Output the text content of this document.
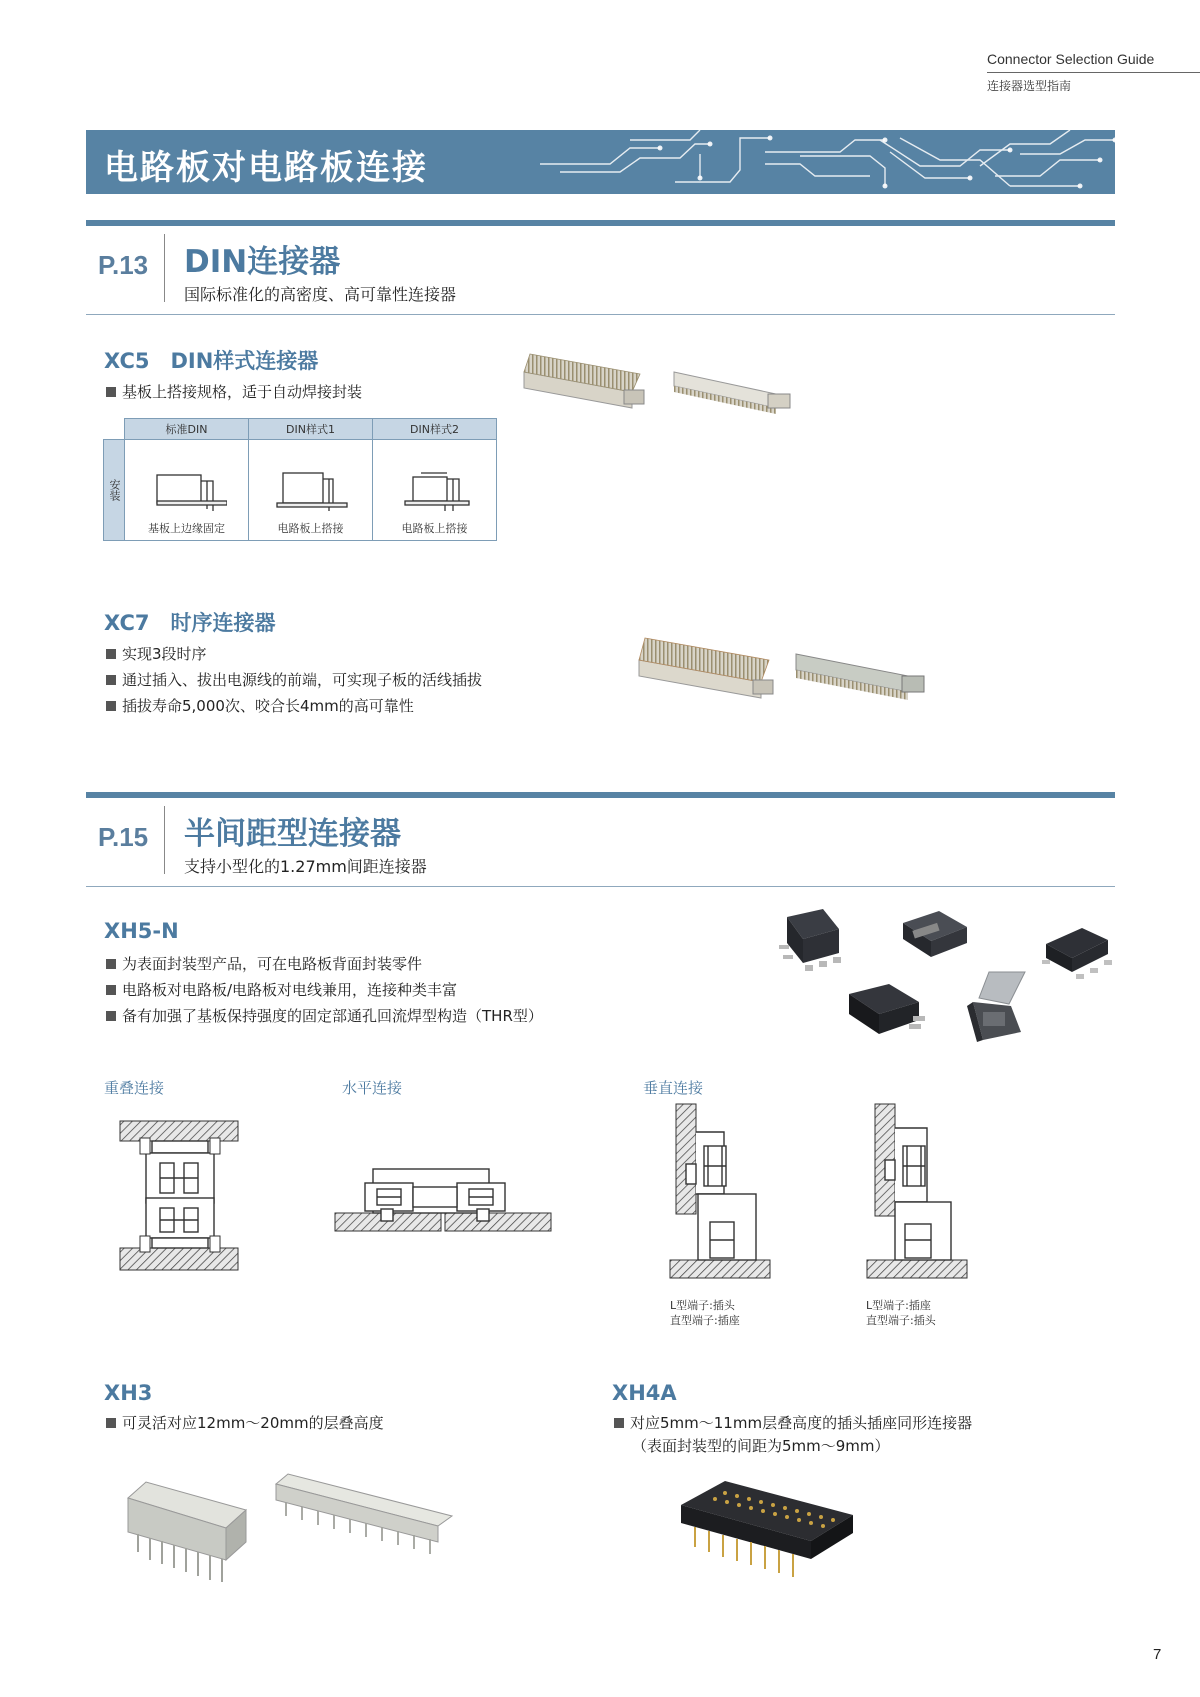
Connector Selection Guide
连接器选型指南
电路板对电路板连接
P.13 DIN连接器
国际标准化的高密度、高可靠性连接器
XC5　DIN样式连接器
基板上搭接规格，适于自动焊接封装
	标准DIN	DIN样式1	DIN样式2
安装	基板上边缘固定	电路板上搭接	电路板上搭接
XC7　时序连接器
实现3段时序
通过插入、拔出电源线的前端，可实现子板的活线插拔
插拔寿命5,000次、咬合长4mm的高可靠性
P.15 半间距型连接器
支持小型化的1.27mm间距连接器
XH5-N
为表面封装型产品，可在电路板背面封装零件
电路板对电路板/电路板对电线兼用，连接种类丰富
备有加强了基板保持强度的固定部通孔回流焊型构造（THR型）
重叠连接	水平连接	垂直连接
L型端子:插头
直型端子:插座
L型端子:插座
直型端子:插头
XH3
可灵活对应12mm～20mm的层叠高度
XH4A
对应5mm～11mm层叠高度的插头插座同形连接器
（表面封装型的间距为5mm～9mm）
7
